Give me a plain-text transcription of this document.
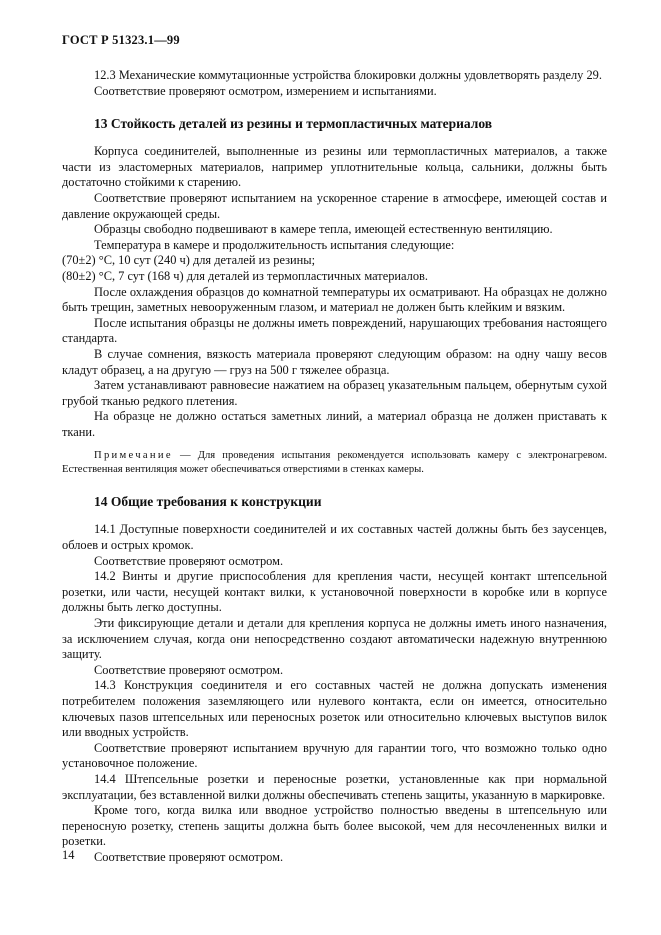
ГОСТ Р 51323.1—99

12.3 Механические коммутационные устройства блокировки должны удовлетворять разделу 29.

Соответствие проверяют осмотром, измерением и испытаниями.

13 Стойкость деталей из резины и термопластичных материалов

Корпуса соединителей, выполненные из резины или термопластичных материалов, а также части из эластомерных материалов, например уплотнительные кольца, сальники, должны быть достаточно стойкими к старению.

Соответствие проверяют испытанием на ускоренное старение в атмосфере, имеющей состав и давление окружающей среды.

Образцы свободно подвешивают в камере тепла, имеющей естественную вентиляцию.

Температура в камере и продолжительность испытания следующие:

(70±2) °С, 10 сут (240 ч) для деталей из резины;

(80±2) °С, 7 сут (168 ч) для деталей из термопластичных материалов.

После охлаждения образцов до комнатной температуры их осматривают. На образцах не должно быть трещин, заметных невооруженным глазом, и материал не должен быть клейким и вязким.

После испытания образцы не должны иметь повреждений, нарушающих требования настоящего стандарта.

В случае сомнения, вязкость материала проверяют следующим образом: на одну чашу весов кладут образец, а на другую — груз на 500 г тяжелее образца.

Затем устанавливают равновесие нажатием на образец указательным пальцем, обернутым сухой грубой тканью редкого плетения.

На образце не должно остаться заметных линий, а материал образца не должен приставать к ткани.

Примечание — Для проведения испытания рекомендуется использовать камеру с электронагревом. Естественная вентиляция может обеспечиваться отверстиями в стенках камеры.

14 Общие требования к конструкции

14.1 Доступные поверхности соединителей и их составных частей должны быть без заусенцев, облоев и острых кромок.

Соответствие проверяют осмотром.

14.2 Винты и другие приспособления для крепления части, несущей контакт штепсельной розетки, или части, несущей контакт вилки, к установочной поверхности в коробке или в корпусе должны быть легко доступны.

Эти фиксирующие детали и детали для крепления корпуса не должны иметь иного назначения, за исключением случая, когда они непосредственно создают автоматически надежную внутреннюю защиту.

Соответствие проверяют осмотром.

14.3 Конструкция соединителя и его составных частей не должна допускать изменения потребителем положения заземляющего или нулевого контакта, если он имеется, относительно ключевых пазов штепсельных или переносных розеток или относительно ключевых выступов вилок или вводных устройств.

Соответствие проверяют испытанием вручную для гарантии того, что возможно только одно установочное положение.

14.4 Штепсельные розетки и переносные розетки, установленные как при нормальной эксплуатации, без вставленной вилки должны обеспечивать степень защиты, указанную в маркировке.

Кроме того, когда вилка или вводное устройство полностью введены в штепсельную или переносную розетку, степень защиты должна быть более высокой, чем для несочлененных вилки и розетки.

Соответствие проверяют осмотром.

14
